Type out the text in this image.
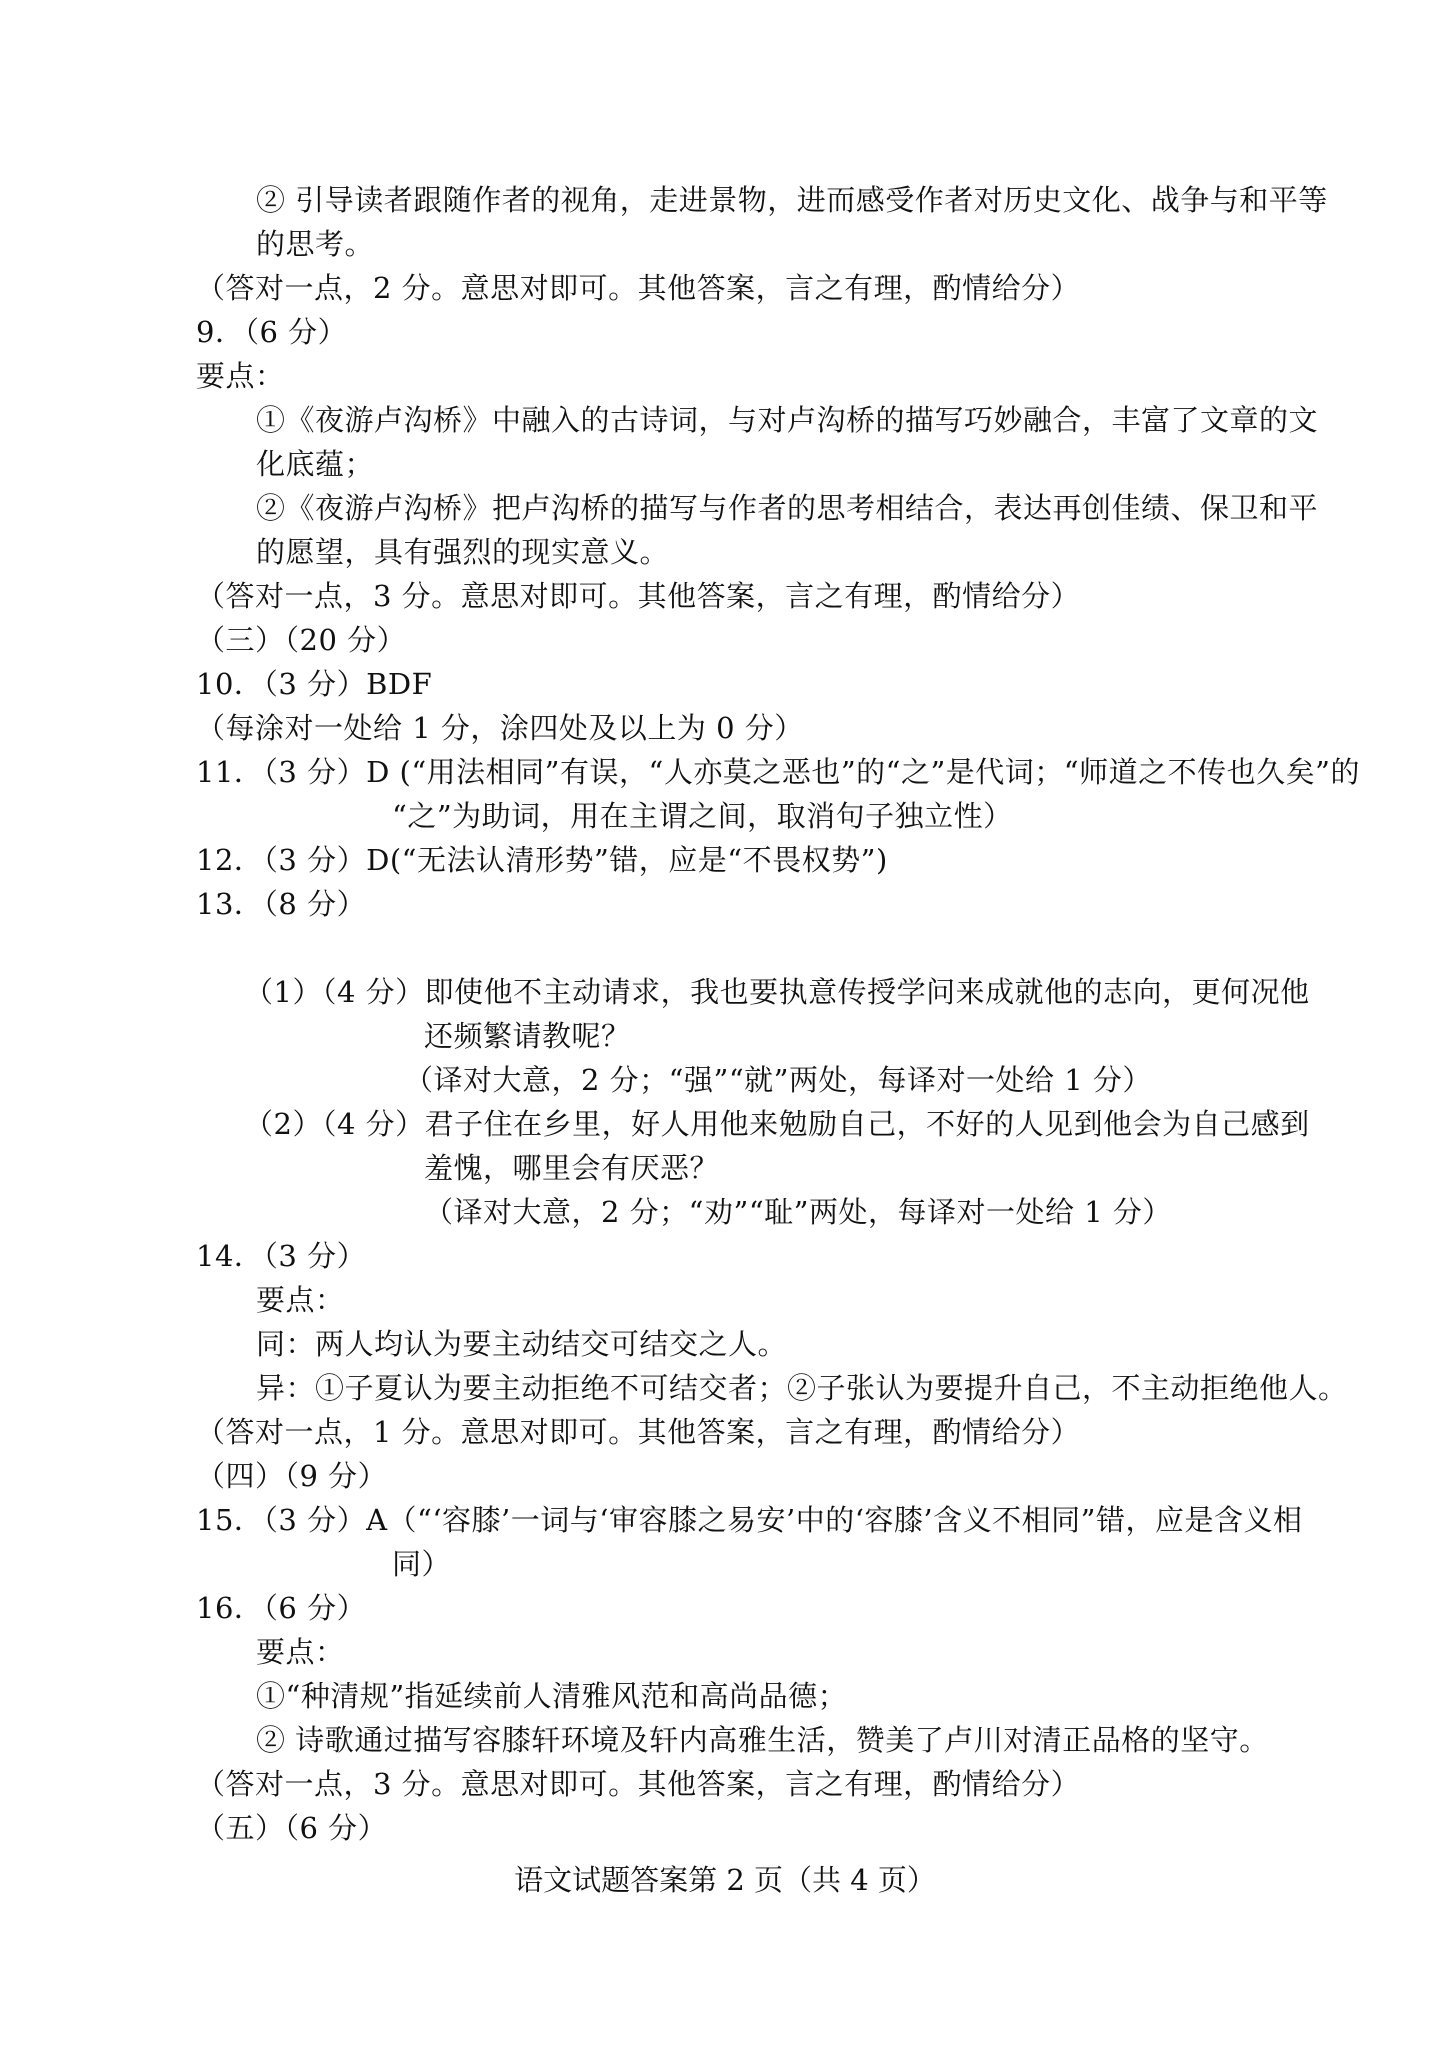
② 引导读者跟随作者的视角，走进景物，进而感受作者对历史文化、战争与和平等
的思考。
（答对一点，2 分。意思对即可。其他答案，言之有理，酌情给分）
9．（6 分）
要点：
①《夜游卢沟桥》中融入的古诗词，与对卢沟桥的描写巧妙融合，丰富了文章的文
化底蕴；
②《夜游卢沟桥》把卢沟桥的描写与作者的思考相结合，表达再创佳绩、保卫和平
的愿望，具有强烈的现实意义。
（答对一点，3 分。意思对即可。其他答案，言之有理，酌情给分）
（三）（20 分）
10．（3 分）BDF
（每涂对一处给 1 分，涂四处及以上为 0 分）
11．（3 分）D (“用法相同”有误，“人亦莫之恶也”的“之”是代词；“师道之不传也久矣”的
“之”为助词，用在主谓之间，取消句子独立性）
12．（3 分）D(“无法认清形势”错，应是“不畏权势”)
13．（8 分）
（1）（4 分）即使他不主动请求，我也要执意传授学问来成就他的志向，更何况他
还频繁请教呢？
（译对大意，2 分；“强”“就”两处，每译对一处给 1 分）
（2）（4 分）君子住在乡里，好人用他来勉励自己，不好的人见到他会为自己感到
羞愧，哪里会有厌恶？
（译对大意，2 分；“劝”“耻”两处，每译对一处给 1 分）
14．（3 分）
要点：
同：两人均认为要主动结交可结交之人。
异：①子夏认为要主动拒绝不可结交者；②子张认为要提升自己，不主动拒绝他人。
（答对一点，1 分。意思对即可。其他答案，言之有理，酌情给分）
（四）（9 分）
15．（3 分）A（“‘容膝’一词与‘审容膝之易安’中的‘容膝’含义不相同”错，应是含义相
同）
16．（6 分）
要点：
①“种清规”指延续前人清雅风范和高尚品德；
② 诗歌通过描写容膝轩环境及轩内高雅生活，赞美了卢川对清正品格的坚守。
（答对一点，3 分。意思对即可。其他答案，言之有理，酌情给分）
（五）（6 分）
语文试题答案第 2 页（共 4 页）
